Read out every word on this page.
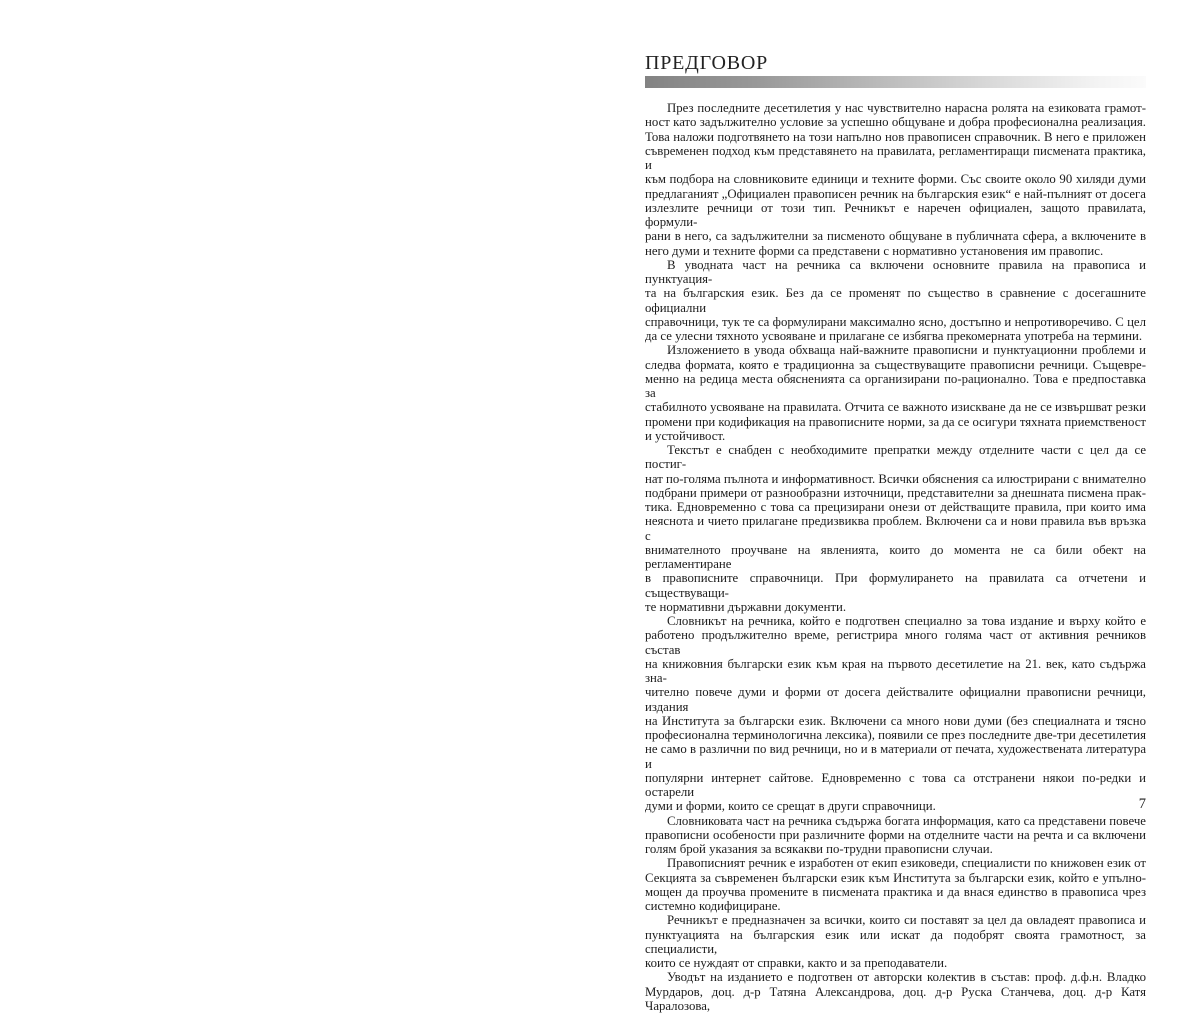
ПРЕДГОВОР
През последните десетилетия у нас чувствително нарасна ролята на езиковата грамот-
ност като задължително условие за успешно общуване и добра професионална реализация.
Това наложи подготвянето на този напълно нов правописен справочник. В него е приложен
съвременен подход към представянето на правилата, регламентиращи писмената практика, и
към подбора на словниковите единици и техните форми. Със своите около 90 хиляди думи
предлаганият „Официален правописен речник на българския език“ е най-пълният от досега
излезлите речници от този тип. Речникът е наречен официален, защото правилата, формули-
рани в него, са задължителни за писменото общуване в публичната сфера, а включените в
него думи и техните форми са представени с нормативно установения им правопис.
В уводната част на речника са включени основните правила на правописа и пунктуация-
та на българския език. Без да се променят по същество в сравнение с досегашните официални
справочници, тук те са формулирани максимално ясно, достъпно и непротиворечиво. С цел
да се улесни тяхното усвояване и прилагане се избягва прекомерната употреба на термини.
Изложението в увода обхваща най-важните правописни и пунктуационни проблеми и
следва формата, която е традиционна за съществуващите правописни речници. Същевре-
менно на редица места обясненията са организирани по-рационално. Това е предпоставка за
стабилното усвояване на правилата. Отчита се важното изискване да не се извършват резки
промени при кодификация на правописните норми, за да се осигури тяхната приемственост
и устойчивост.
Текстът е снабден с необходимите препратки между отделните части с цел да се постиг-
нат по-голяма пълнота и информативност. Всички обяснения са илюстрирани с внимателно
подбрани примери от разнообразни източници, представителни за днешната писмена прак-
тика. Едновременно с това са прецизирани онези от действащите правила, при които има
неяснота и чието прилагане предизвиква проблем. Включени са и нови правила във връзка с
внимателното проучване на явленията, които до момента не са били обект на регламентиране
в правописните справочници. При формулирането на правилата са отчетени и съществуващи-
те нормативни държавни документи.
Словникът на речника, който е подготвен специално за това издание и върху който е
работено продължително време, регистрира много голяма част от активния речников състав
на книжовния български език към края на първото десетилетие на 21. век, като съдържа зна-
чително повече думи и форми от досега действалите официални правописни речници, издания
на Института за български език. Включени са много нови думи (без специалната и тясно
професионална терминологична лексика), появили се през последните две-три десетилетия
не само в различни по вид речници, но и в материали от печата, художествената литература и
популярни интернет сайтове. Едновременно с това са отстранени някои по-редки и остарели
думи и форми, които се срещат в други справочници.
Словниковата част на речника съдържа богата информация, като са представени повече
правописни особености при различните форми на отделните части на речта и са включени
голям брой указания за всякакви по-трудни правописни случаи.
Правописният речник е изработен от екип езиковеди, специалисти по книжовен език от
Секцията за съвременен български език към Института за български език, който е упълно-
мощен да проучва промените в писмената практика и да внася единство в правописа чрез
системно кодифициране.
Речникът е предназначен за всички, които си поставят за цел да овладеят правописа и
пунктуацията на българския език или искат да подобрят своята грамотност, за специалисти,
които се нуждаят от справки, както и за преподаватели.
Уводът на изданието е подготвен от авторски колектив в състав: проф. д.ф.н. Владко
Мурдаров, доц. д-р Татяна Александрова, доц. д-р Руска Станчева, доц. д-р Катя Чаралозова,
7
